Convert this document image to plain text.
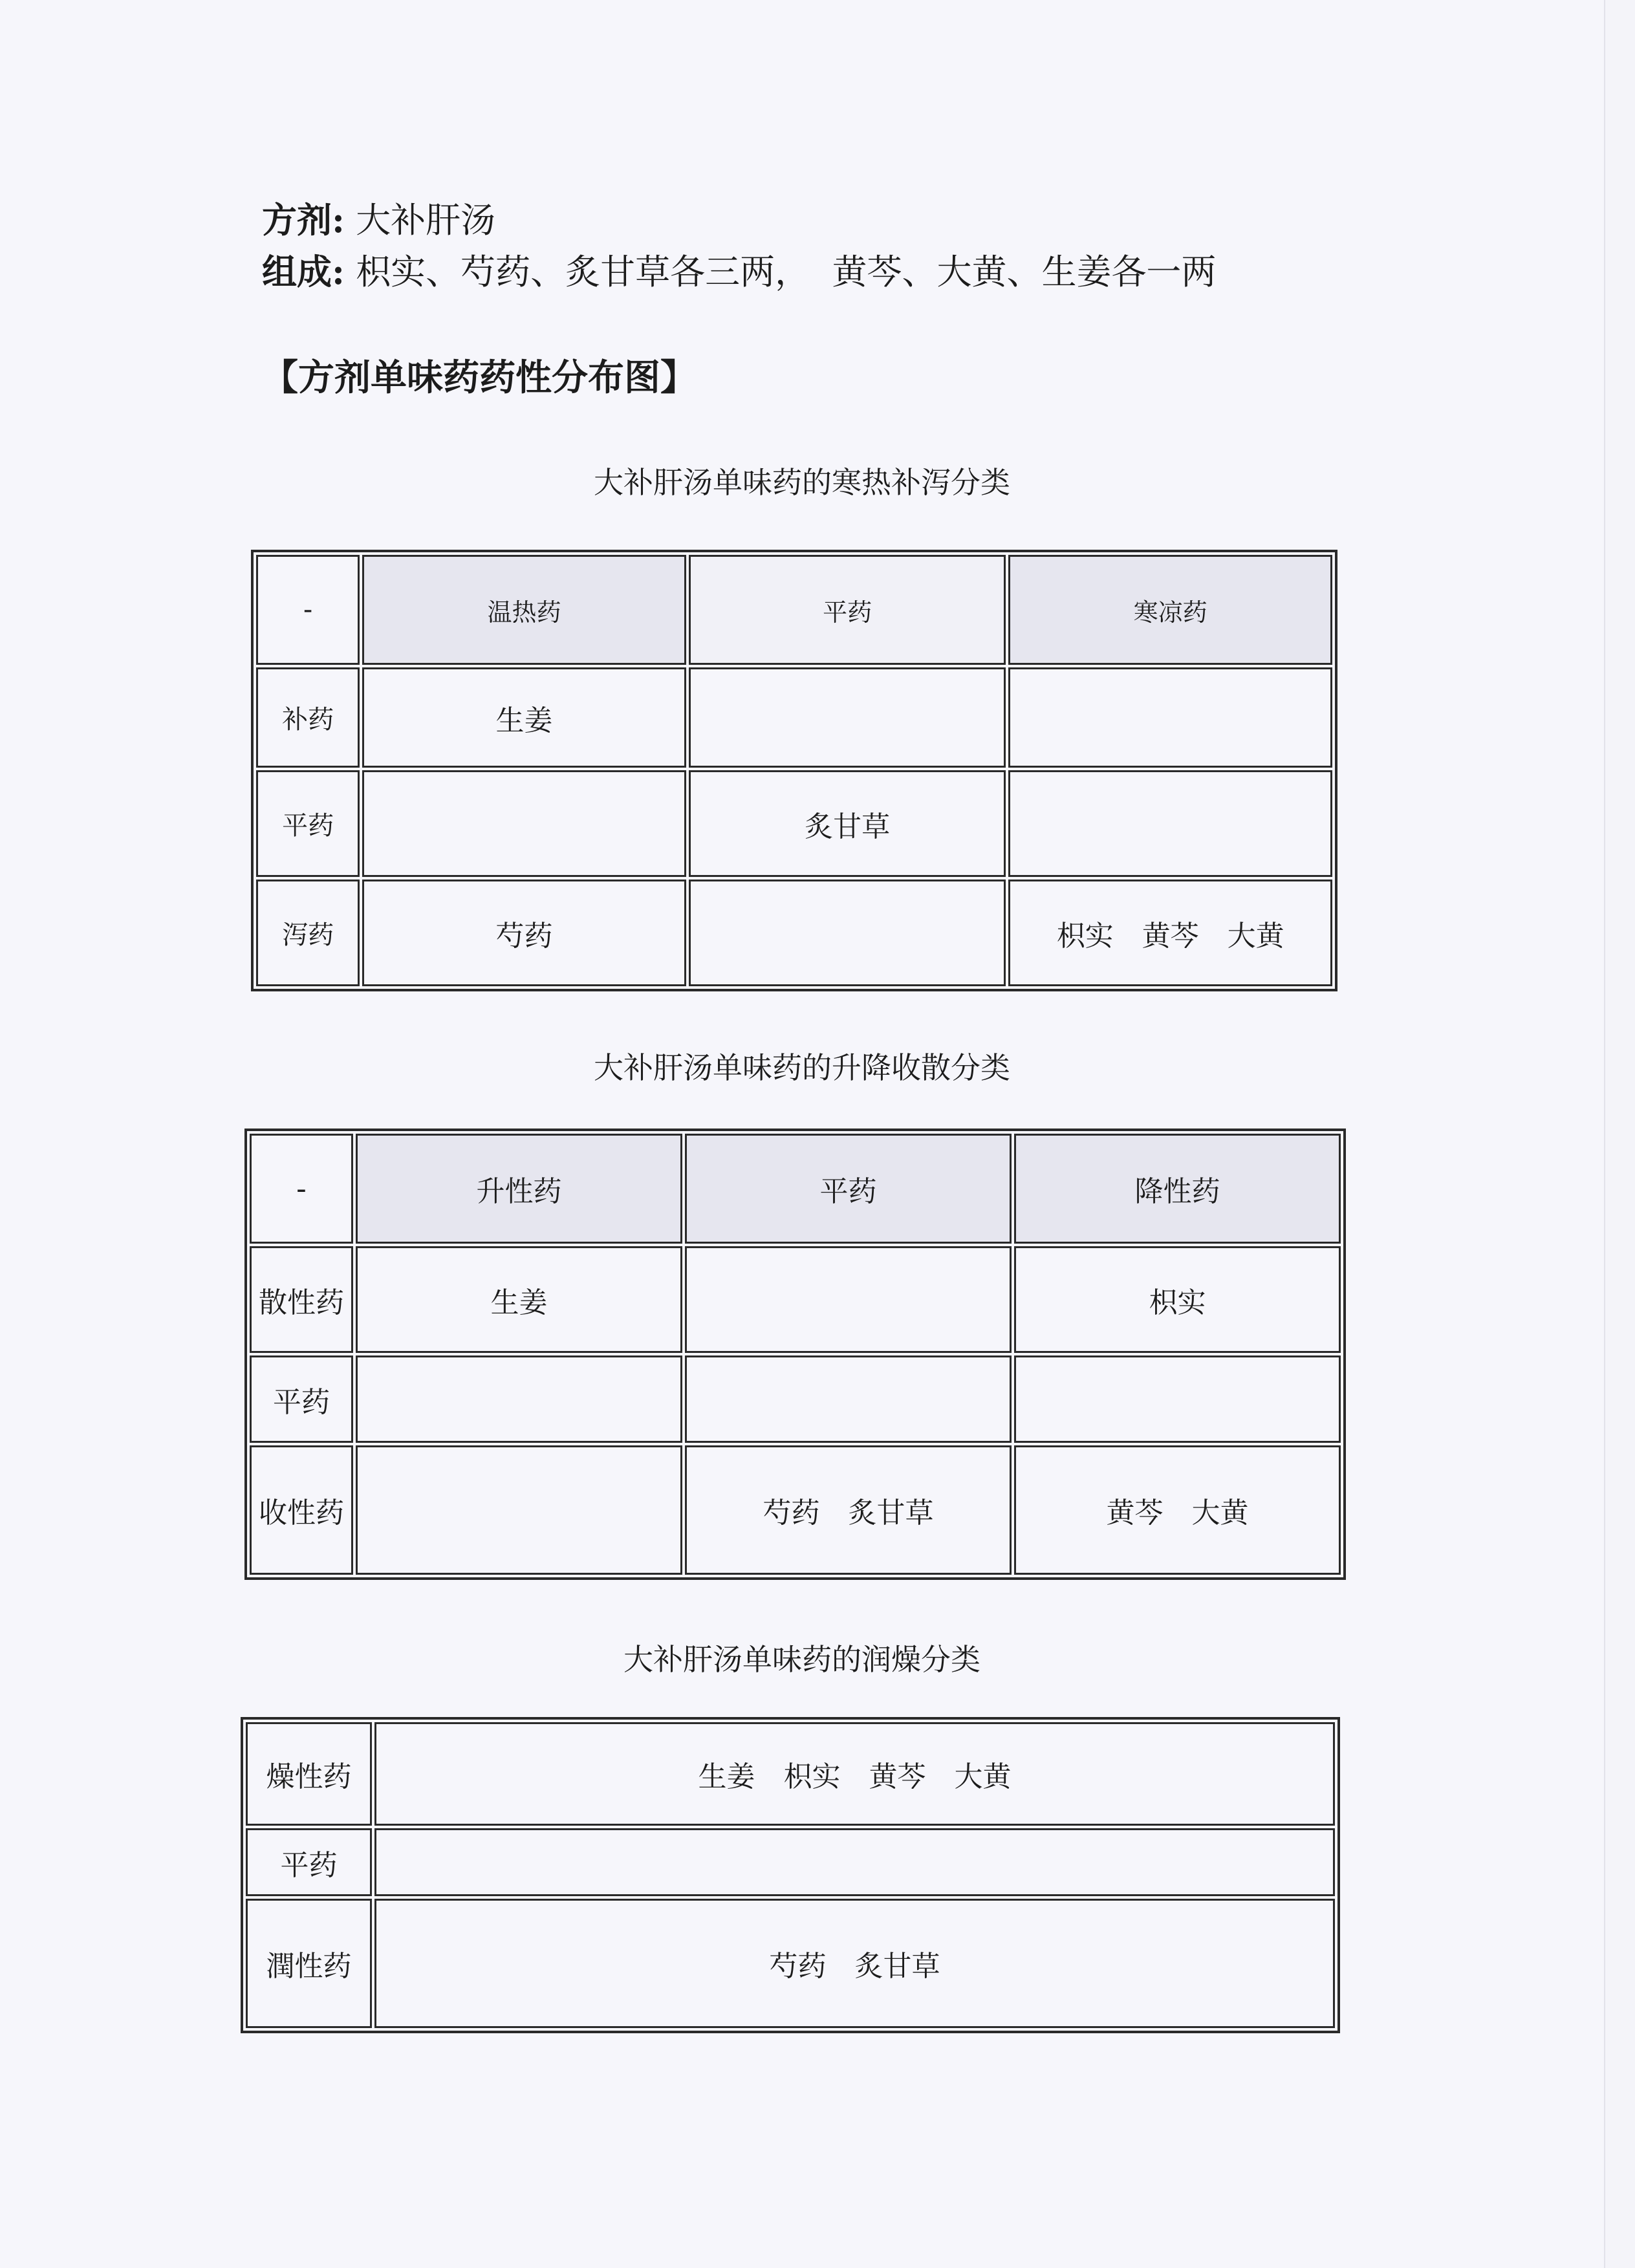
方剂: 大补肝汤
组成: 枳实、芍药、炙甘草各三两，  黄芩、大黄、生姜各一两
【方剂单味药药性分布图】
大补肝汤单味药的寒热补泻分类
-	温热药	平药	寒凉药
补药	生姜		
平药		炙甘草	
泻药	芍药		枳实　黄芩　大黄
大补肝汤单味药的升降收散分类
-	升性药	平药	降性药
散性药	生姜		枳实
平药			
收性药		芍药　炙甘草	黄芩　大黄
大补肝汤单味药的润燥分类
燥性药	生姜　枳实　黄芩　大黄
平药	
潤性药	芍药　炙甘草
